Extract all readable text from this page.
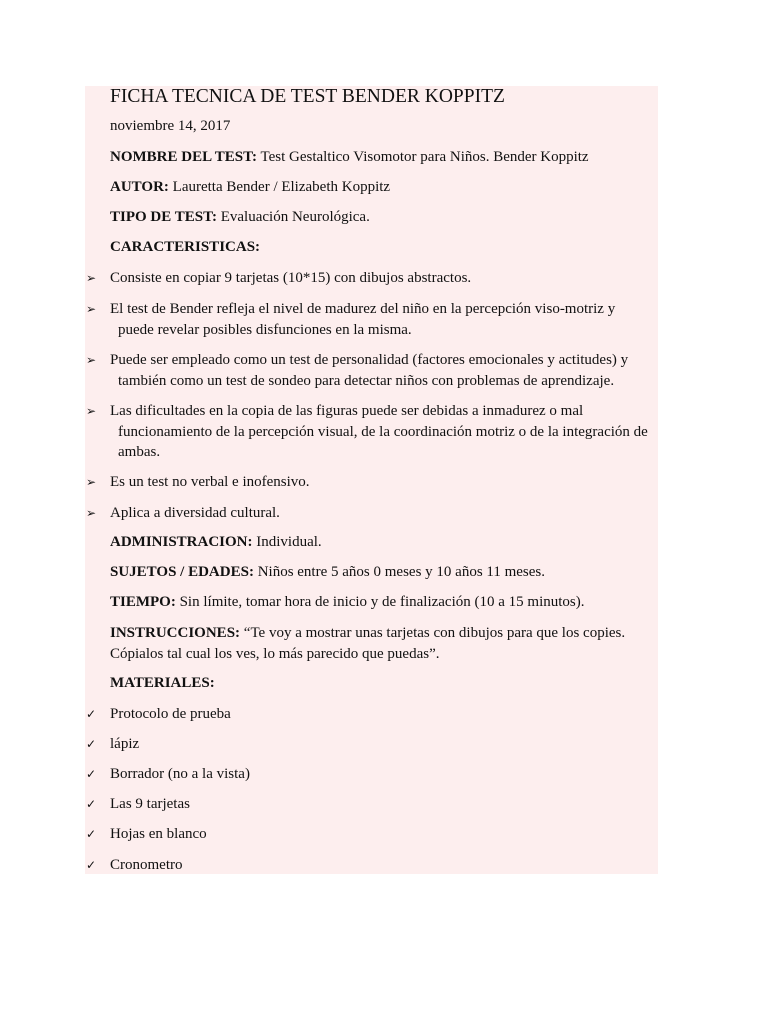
FICHA TECNICA DE TEST BENDER KOPPITZ
noviembre 14, 2017
NOMBRE DEL TEST: Test Gestaltico Visomotor para Niños. Bender Koppitz
AUTOR: Lauretta Bender / Elizabeth Koppitz
TIPO DE TEST: Evaluación Neurológica.
CARACTERISTICAS:
➢ Consiste en copiar 9 tarjetas (10*15) con dibujos abstractos.
➢ El test de Bender refleja el nivel de madurez del niño en la percepción viso-motriz y
puede revelar posibles disfunciones en la misma.
➢ Puede ser empleado como un test de personalidad (factores emocionales y actitudes) y
también como un test de sondeo para detectar niños con problemas de aprendizaje.
➢ Las dificultades en la copia de las figuras puede ser debidas a inmadurez o mal
funcionamiento de la percepción visual, de la coordinación motriz o de la integración de
ambas.
➢ Es un test no verbal e inofensivo.
➢ Aplica a diversidad cultural.
ADMINISTRACION: Individual.
SUJETOS / EDADES: Niños entre 5 años 0 meses y 10 años 11 meses.
TIEMPO: Sin límite, tomar hora de inicio y de finalización (10 a 15 minutos).
INSTRUCCIONES: “Te voy a mostrar unas tarjetas con dibujos para que los copies.
Cópialos tal cual los ves, lo más parecido que puedas”.
MATERIALES:
✓ Protocolo de prueba
✓ lápiz
✓ Borrador (no a la vista)
✓ Las 9 tarjetas
✓ Hojas en blanco
✓ Cronometro
